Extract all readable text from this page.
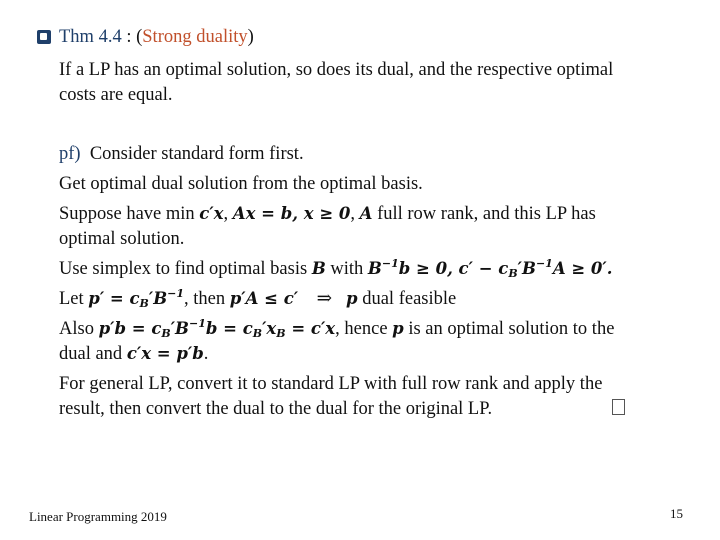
Thm 4.4 : (Strong duality)
If a LP has an optimal solution, so does its dual, and the respective optimal
costs are equal.
pf) Consider standard form first.
Get optimal dual solution from the optimal basis.
Suppose have min c′x, Ax = b, x ≥ 0, A full row rank, and this LP has
optimal solution.
Use simplex to find optimal basis B with $B^{-1}b \ge 0$, $c' - c_B'B^{-1}A \ge 0'$.
Let $p' = c_B'B^{-1}$, then p′A ≤ c′ ⇒ p dual feasible
Also $p'b = c_B'B^{-1}b = c_B'x_B = c'x$, hence p is an optimal solution to the
dual and c′x = p′b.
For general LP, convert it to standard LP with full row rank and apply the
result, then convert the dual to the dual for the original LP.
Linear Programming 2019	15
